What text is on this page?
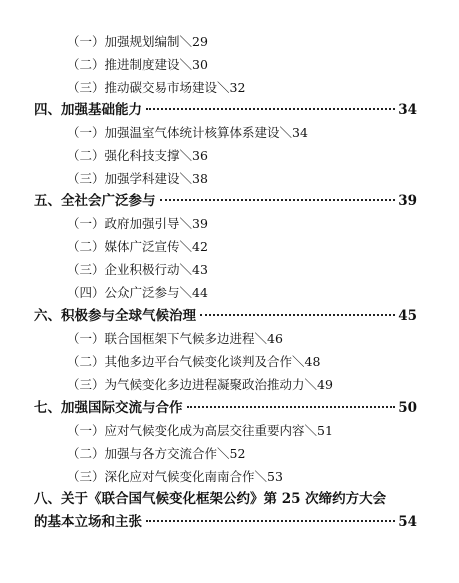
（一）加强规划编制＼29
（二）推进制度建设＼30
（三）推动碳交易市场建设＼32
四、加强基础能力	34
（一）加强温室气体统计核算体系建设＼34
（二）强化科技支撑＼36
（三）加强学科建设＼38
五、全社会广泛参与	39
（一）政府加强引导＼39
（二）媒体广泛宣传＼42
（三）企业积极行动＼43
（四）公众广泛参与＼44
六、积极参与全球气候治理	45
（一）联合国框架下气候多边进程＼46
（二）其他多边平台气候变化谈判及合作＼48
（三）为气候变化多边进程凝聚政治推动力＼49
七、加强国际交流与合作	50
（一）应对气候变化成为高层交往重要内容＼51
（二）加强与各方交流合作＼52
（三）深化应对气候变化南南合作＼53
八、关于《联合国气候变化框架公约》第 25 次缔约方大会
的基本立场和主张	54
